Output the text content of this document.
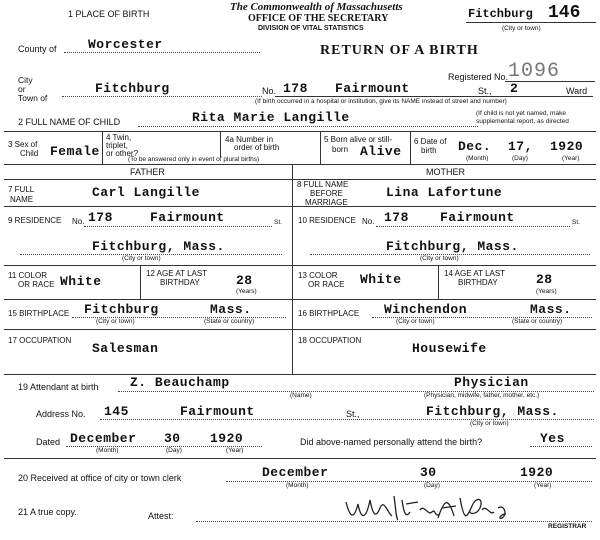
1 PLACE OF BIRTH
The Commonwealth of Massachusetts
OFFICE OF THE SECRETARY
DIVISION OF VITAL STATISTICS
Fitchburg 146
(City or town)
County of Worcester	RETURN OF A BIRTH
Registered No. 1096
City
or
Town of
Fitchburg	No. 178 Fairmount	St., 2	Ward
(If birth occurred in a hospital or institution, give its NAME instead of street and number)
2 FULL NAME OF CHILD	Rita Marie Langille	(If child is not yet named, make
supplemental report, as directed
3 Sex of
Child Female
4 Twin,
triplet,
or other?
4a Number in
order of birth
(To be answered only in event of plural births)
5 Born alive or still-
born Alive
6 Date of
birth Dec. 17, 1920
(Month)	(Day)	(Year)
FATHER	MOTHER
7 FULL
NAME	Carl Langille
8 FULL NAME
BEFORE
MARRIAGE
Lina Lafortune
9 RESIDENCE No. 178	Fairmount	St.
Fitchburg, Mass.
(City or town)
10 RESIDENCE No. 178 Fairmount	St.
Fitchburg, Mass.
(City or town)
11 COLOR
OR RACE White
12 AGE AT LAST
BIRTHDAY	28
(Years)
13 COLOR
OR RACE White	14 AGE AT LAST
BIRTHDAY	28
(Years)
15 BIRTHPLACE Fitchburg	Mass.
(City or town)	(State or country)
16 BIRTHPLACE Winchendon	Mass.
(City or town)	(State or country)
17 OCCUPATION
Salesman
18 OCCUPATION
Housewife
19 Attendant at birth Z. Beauchamp	Physician
(Name)	(Physician, midwife, father, mother, etc.)
Address No. 145	Fairmount	St.,	Fitchburg, Mass.
(City or town)
Dated December 30 1920
(Month)	(Day)	(Year)
Did above-named personally attend the birth?	Yes
20 Received at office of city or town clerk	December	30	1920
(Month)	(Day)	(Year)
21 A true copy.	Attest:
REGISTRAR
